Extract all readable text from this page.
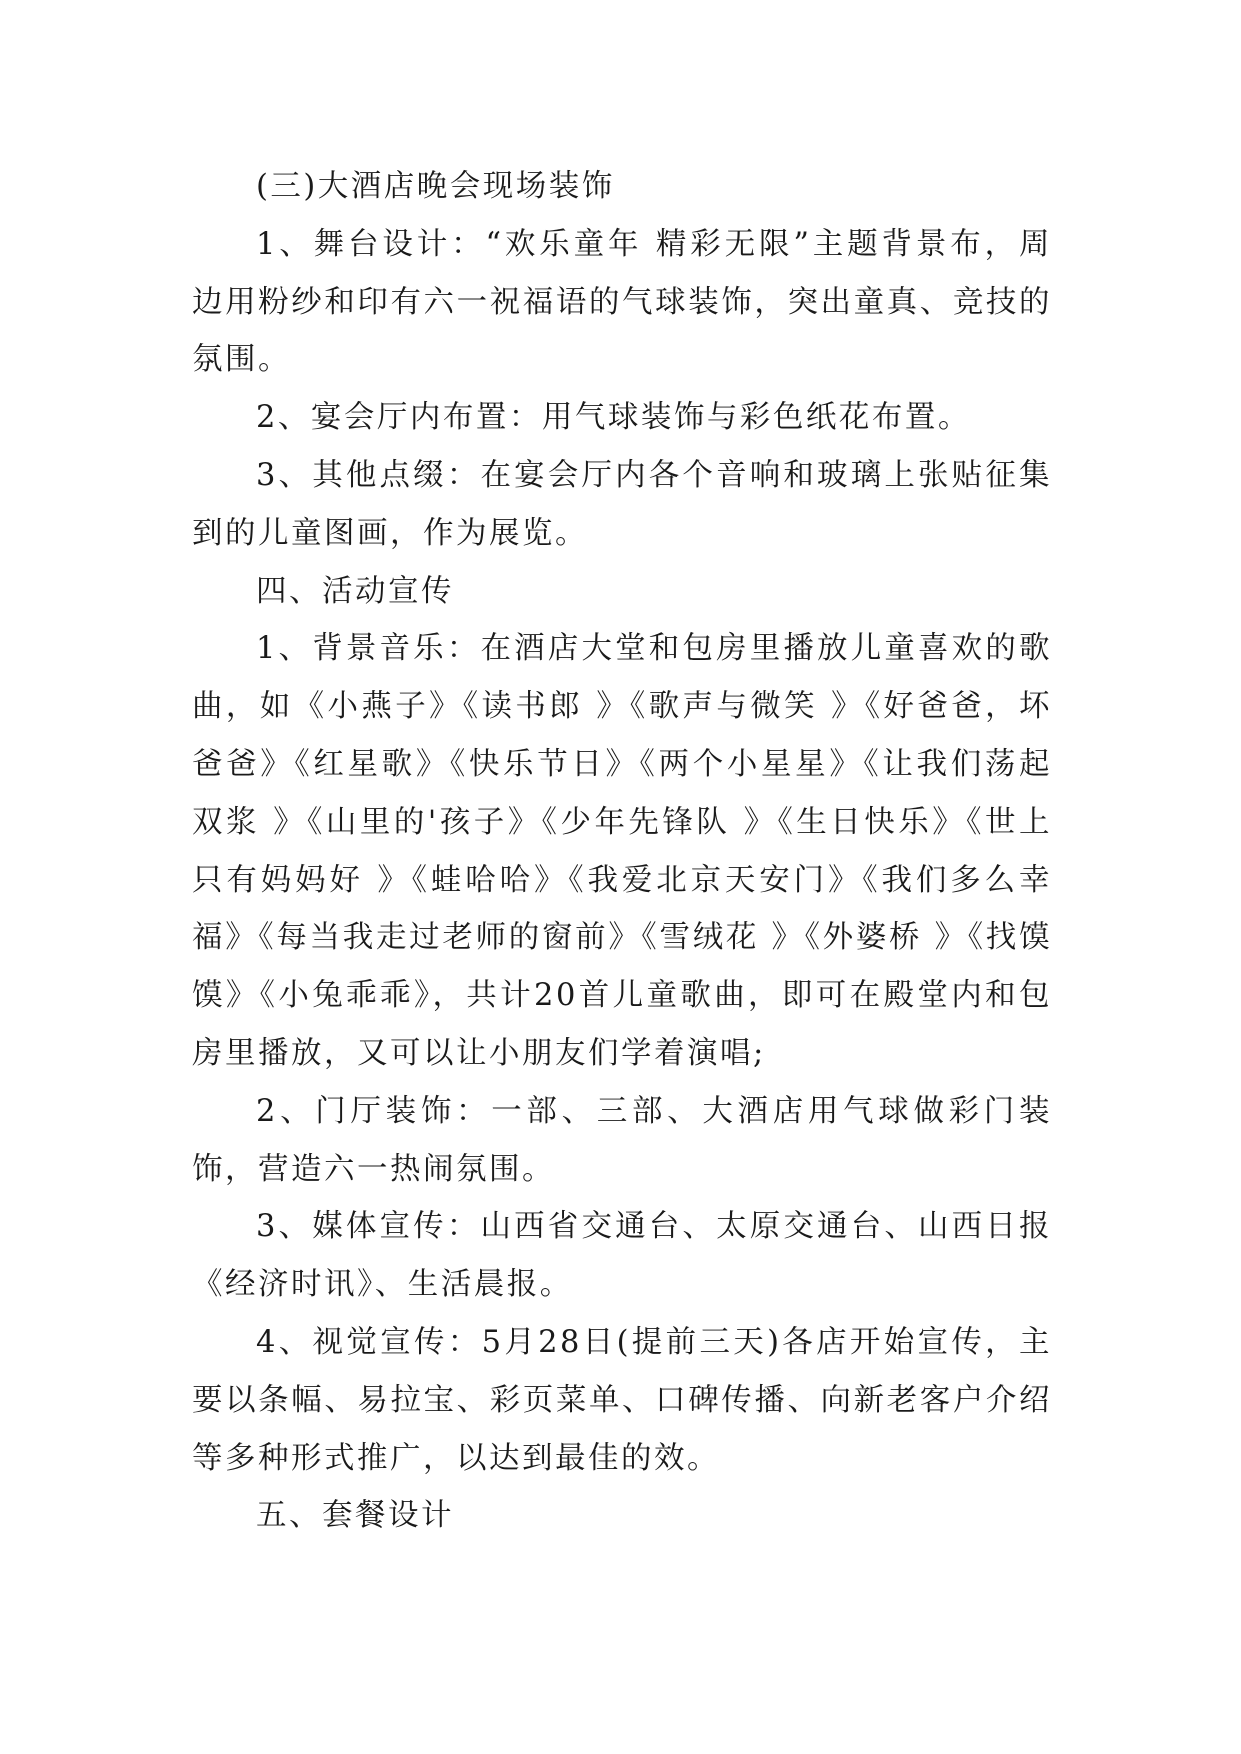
(三)大酒店晚会现场装饰

1、舞台设计：“欢乐童年 精彩无限”主题背景布，周边用粉纱和印有六一祝福语的气球装饰，突出童真、竞技的氛围。

2、宴会厅内布置：用气球装饰与彩色纸花布置。

3、其他点缀：在宴会厅内各个音响和玻璃上张贴征集到的儿童图画，作为展览。

四、活动宣传

1、背景音乐：在酒店大堂和包房里播放儿童喜欢的歌曲，如《小燕子》《读书郎 》《歌声与微笑 》《好爸爸，坏爸爸》《红星歌》《快乐节日》《两个小星星》《让我们荡起双浆 》《山里的'孩子》《少年先锋队 》《生日快乐》《世上只有妈妈好 》《蛙哈哈》《我爱北京天安门》《我们多么幸福》《每当我走过老师的窗前》《雪绒花 》《外婆桥 》《找馍馍》《小兔乖乖》，共计20首儿童歌曲，即可在殿堂内和包房里播放，又可以让小朋友们学着演唱;

2、门厅装饰：一部、三部、大酒店用气球做彩门装饰，营造六一热闹氛围。

3、媒体宣传：山西省交通台、太原交通台、山西日报《经济时讯》、生活晨报。

4、视觉宣传：5月28日(提前三天)各店开始宣传，主要以条幅、易拉宝、彩页菜单、口碑传播、向新老客户介绍等多种形式推广，以达到最佳的效。

五、套餐设计
